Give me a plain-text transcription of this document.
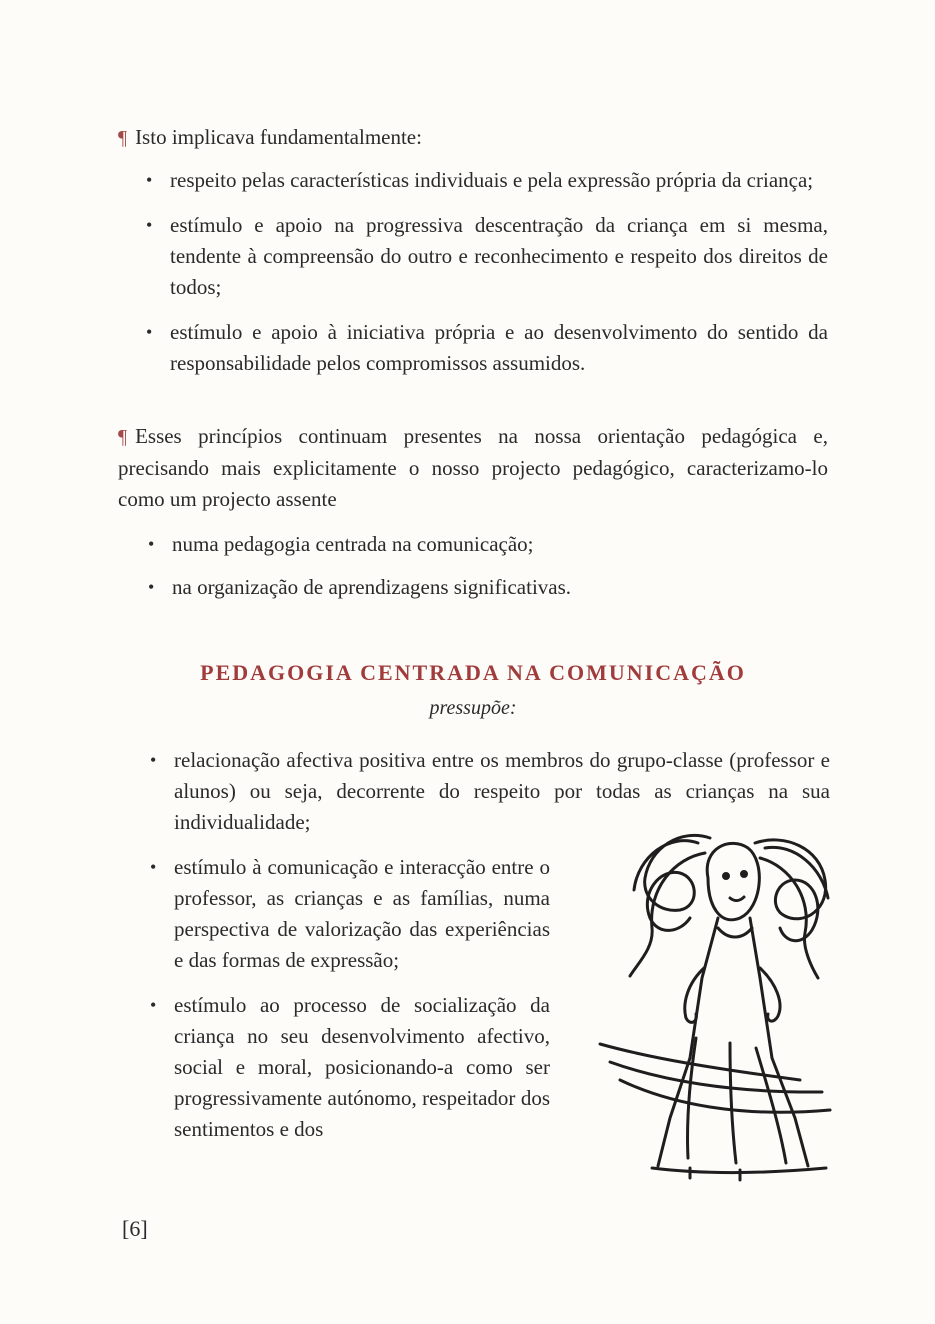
¶ Isto implicava fundamentalmente:
• respeito pelas características individuais e pela expressão própria da criança;
• estímulo e apoio na progressiva descentração da criança em si mesma, tendente à compreensão do outro e reconhecimento e respeito dos direitos de todos;
• estímulo e apoio à iniciativa própria e ao desenvolvimento do sentido da responsabilidade pelos compromissos assumidos.
¶ Esses princípios continuam presentes na nossa orientação pedagógica e, precisando mais explicitamente o nosso projecto pedagógico, caracterizamo-lo como um projecto assente
• numa pedagogia centrada na comunicação;
• na organização de aprendizagens significativas.
PEDAGOGIA CENTRADA NA COMUNICAÇÃO
pressupõe:
• relacionação afectiva positiva entre os membros do grupo-classe (professor e alunos) ou seja, decorrente do respeito por todas as crianças na sua individualidade;
• estímulo à comunicação e interacção entre o professor, as crianças e as famílias, numa perspectiva de valorização das experiências e das formas de expressão;
• estímulo ao processo de socialização da criança no seu desenvolvimento afectivo, social e moral, posicionando-a como ser progressivamente autónomo, respeitador dos sentimentos e dos
[6]
